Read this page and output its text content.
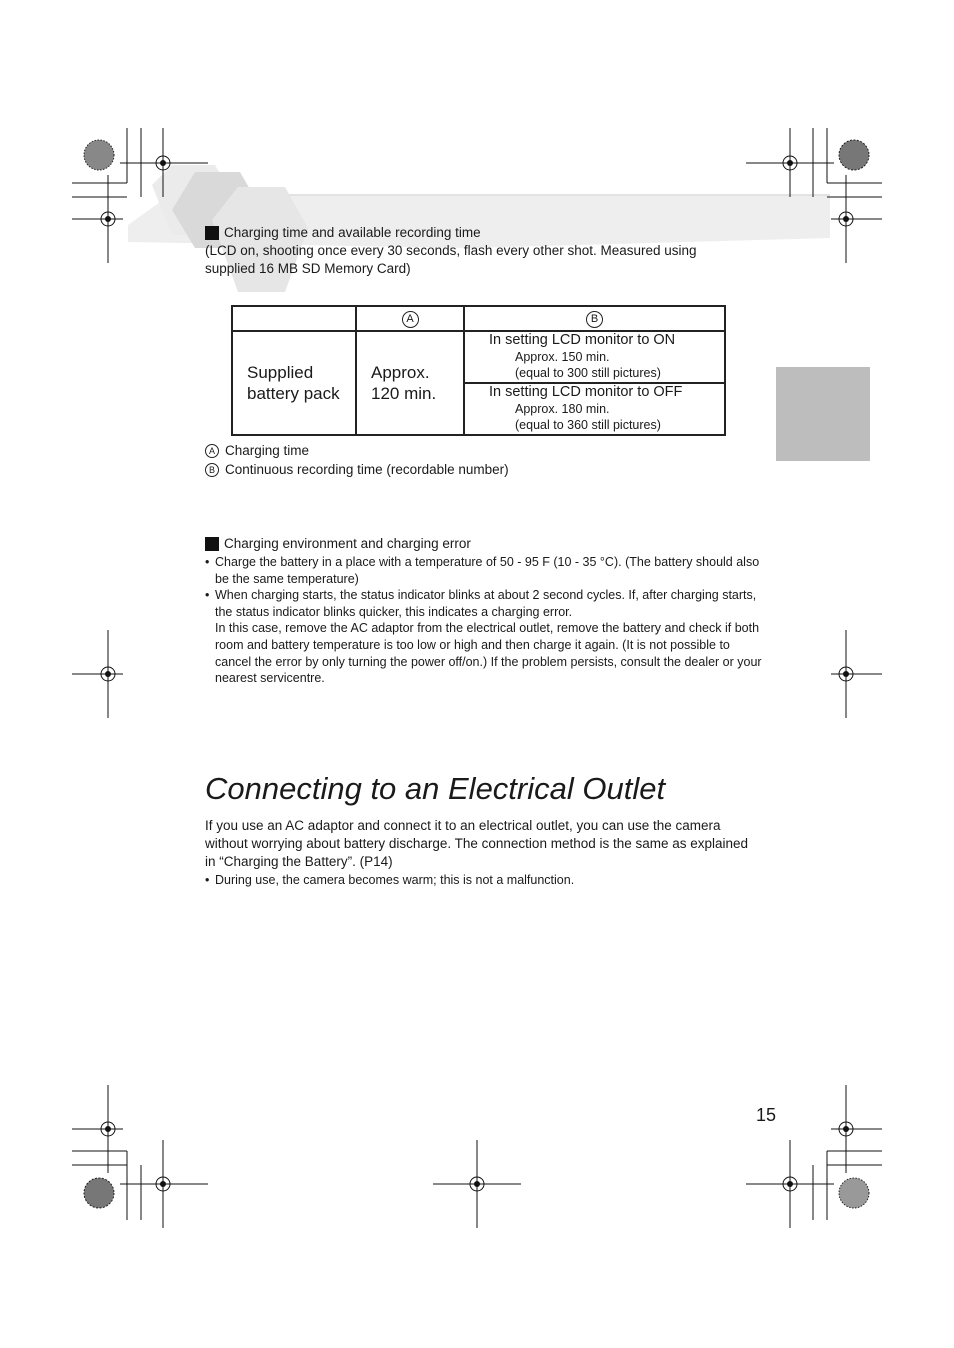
Charging time and available recording time
(LCD on, shooting once every 30 seconds, flash every other shot. Measured using supplied 16 MB SD Memory Card)
	A	B

Supplied battery pack	Approx. 120 min.	In setting LCD monitor to ON
Approx. 150 min.
(equal to 300 still pictures)

		In setting LCD monitor to OFF
Approx. 180 min.
(equal to 360 still pictures)
A Charging time
B Continuous recording time (recordable number)
Charging environment and charging error
• Charge the battery in a place with a temperature of 50 - 95 F (10 - 35 °C). (The battery should also be the same temperature)
• When charging starts, the status indicator blinks at about 2 second cycles. If, after charging starts, the status indicator blinks quicker, this indicates a charging error.
In this case, remove the AC adaptor from the electrical outlet, remove the battery and check if both room and battery temperature is too low or high and then charge it again. (It is not possible to cancel the error by only turning the power off/on.) If the problem persists, consult the dealer or your nearest servicentre.
Connecting to an Electrical Outlet
If you use an AC adaptor and connect it to an electrical outlet, you can use the camera without worrying about battery discharge. The connection method is the same as explained in “Charging the Battery”. (P14)
• During use, the camera becomes warm; this is not a malfunction.
15
